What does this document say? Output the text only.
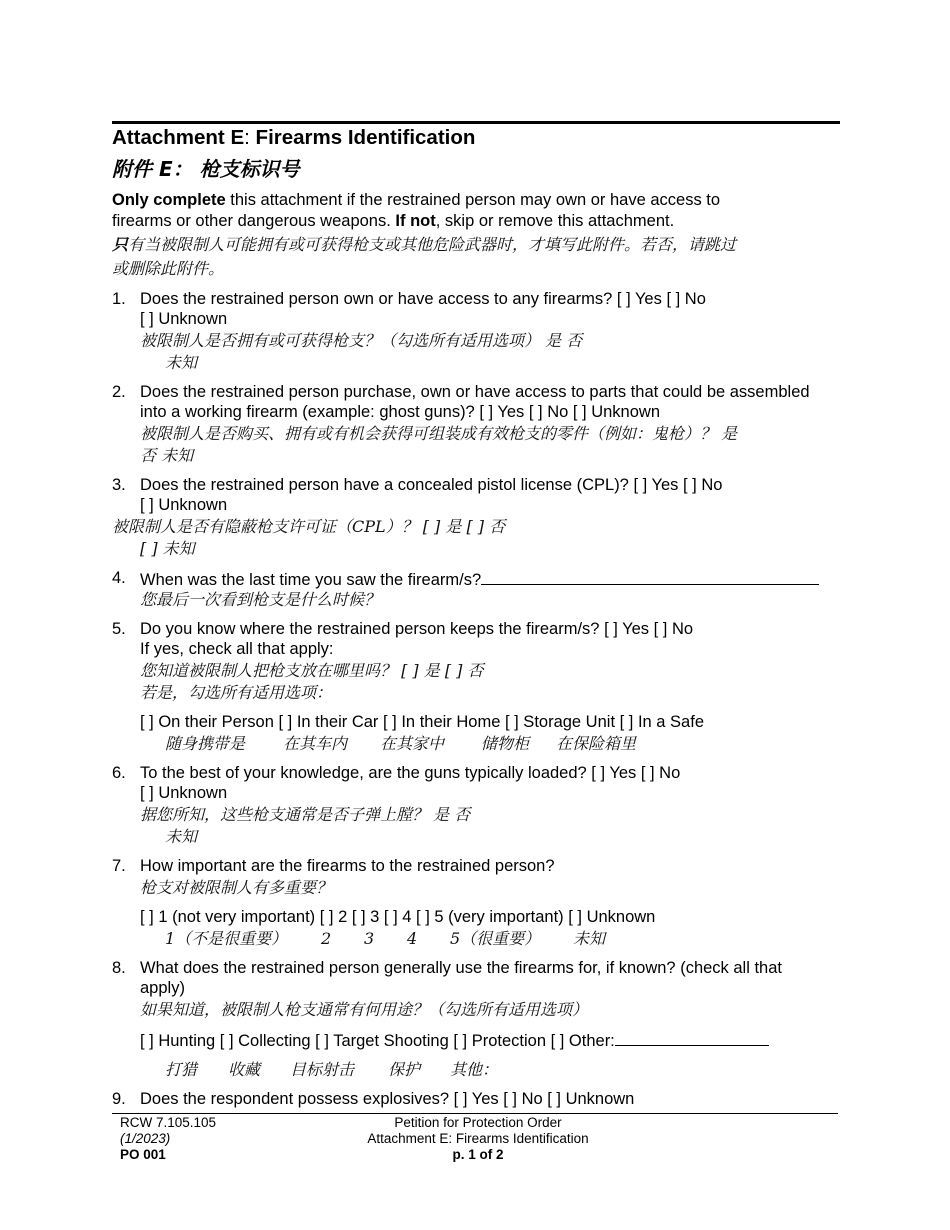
Attachment E: Firearms Identification
附件 E： 枪支标识号
Only complete this attachment if the restrained person may own or have access to
firearms or other dangerous weapons. If not, skip or remove this attachment.
只有当被限制人可能拥有或可获得枪支或其他危险武器时，才填写此附件。若否，请跳过
或删除此附件。
1. Does the restrained person own or have access to any firearms? [ ] Yes [ ] No
[ ] Unknown
被限制人是否拥有或可获得枪支？（勾选所有适用选项） 是 否
未知
2. Does the restrained person purchase, own or have access to parts that could be assembled
into a working firearm (example: ghost guns)? [ ] Yes [ ] No [ ] Unknown
被限制人是否购买、拥有或有机会获得可组装成有效枪支的零件（例如：鬼枪）？ 是
否 未知
3. Does the restrained person have a concealed pistol license (CPL)? [ ] Yes [ ] No
[ ] Unknown
被限制人是否有隐蔽枪支许可证（CPL）？ [ ] 是 [ ] 否
[ ] 未知
4. When was the last time you saw the firearm/s?
您最后一次看到枪支是什么时候？
5. Do you know where the restrained person keeps the firearm/s? [ ] Yes [ ] No
If yes, check all that apply:
您知道被限制人把枪支放在哪里吗？ [ ] 是 [ ] 否
若是，勾选所有适用选项：
[ ] On their Person [ ] In their Car [ ] In their Home [ ] Storage Unit [ ] In a Safe
随身携带是 在其车内 在其家中 储物柜 在保险箱里
6. To the best of your knowledge, are the guns typically loaded? [ ] Yes [ ] No
[ ] Unknown
据您所知，这些枪支通常是否子弹上膛？ 是 否
未知
7. How important are the firearms to the restrained person?
枪支对被限制人有多重要？
[ ] 1 (not very important) [ ] 2 [ ] 3 [ ] 4 [ ] 5 (very important) [ ] Unknown
1（不是很重要） 2 3 4 5（很重要） 未知
8. What does the restrained person generally use the firearms for, if known? (check all that
apply)
如果知道，被限制人枪支通常有何用途？（勾选所有适用选项）
[ ] Hunting [ ] Collecting [ ] Target Shooting [ ] Protection [ ] Other:
打猎 收藏 目标射击 保护 其他：
9. Does the respondent possess explosives? [ ] Yes [ ] No [ ] Unknown
RCW 7.105.105
(1/2023)
PO 001
Petition for Protection Order
Attachment E: Firearms Identification
p. 1 of 2
